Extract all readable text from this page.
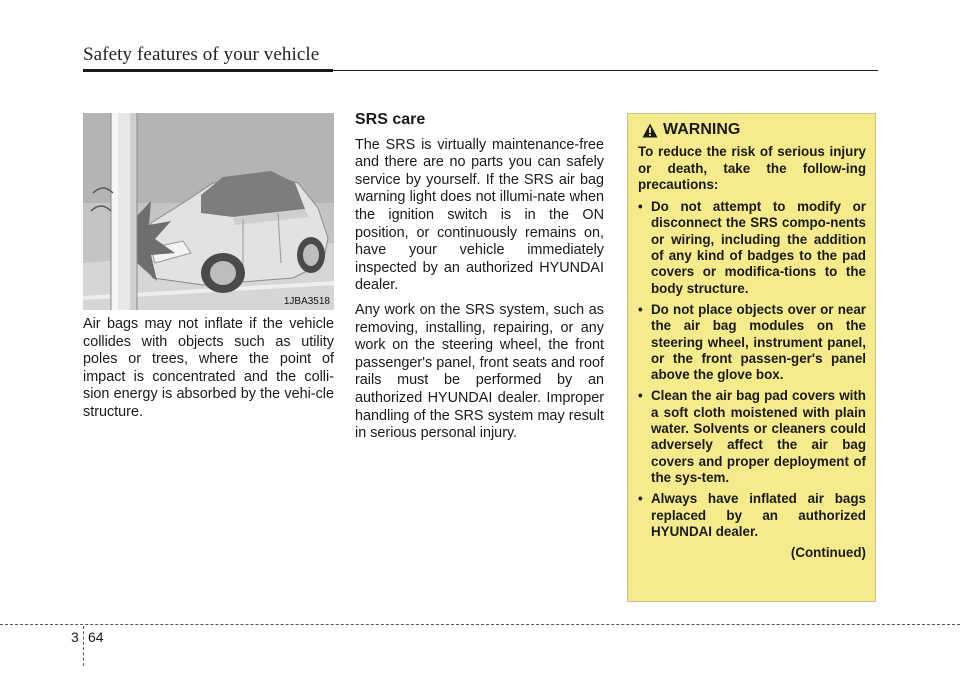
Safety features of your vehicle
1JBA3518

Air bags may not inflate if the vehicle collides with objects such as utility poles or trees, where the point of impact is concentrated and the colli-sion energy is absorbed by the vehi-cle structure.

SRS care

The SRS is virtually maintenance-free and there are no parts you can safely service by yourself. If the SRS air bag warning light does not illumi-nate when the ignition switch is in the ON position, or continuously remains on, have your vehicle immediately inspected by an authorized HYUNDAI dealer.

Any work on the SRS system, such as removing, installing, repairing, or any work on the steering wheel, the front passenger's panel, front seats and roof rails must be performed by an authorized HYUNDAI dealer. Improper handling of the SRS system may result in serious personal injury.

WARNING
To reduce the risk of serious injury or death, take the follow-ing precautions:
• Do not attempt to modify or disconnect the SRS compo-nents or wiring, including the addition of any kind of badges to the pad covers or modifica-tions to the body structure.
• Do not place objects over or near the air bag modules on the steering wheel, instrument panel, or the front passen-ger's panel above the glove box.
• Clean the air bag pad covers with a soft cloth moistened with plain water. Solvents or cleaners could adversely affect the air bag covers and proper deployment of the sys-tem.
• Always have inflated air bags replaced by an authorized HYUNDAI dealer.
(Continued)
3 64
